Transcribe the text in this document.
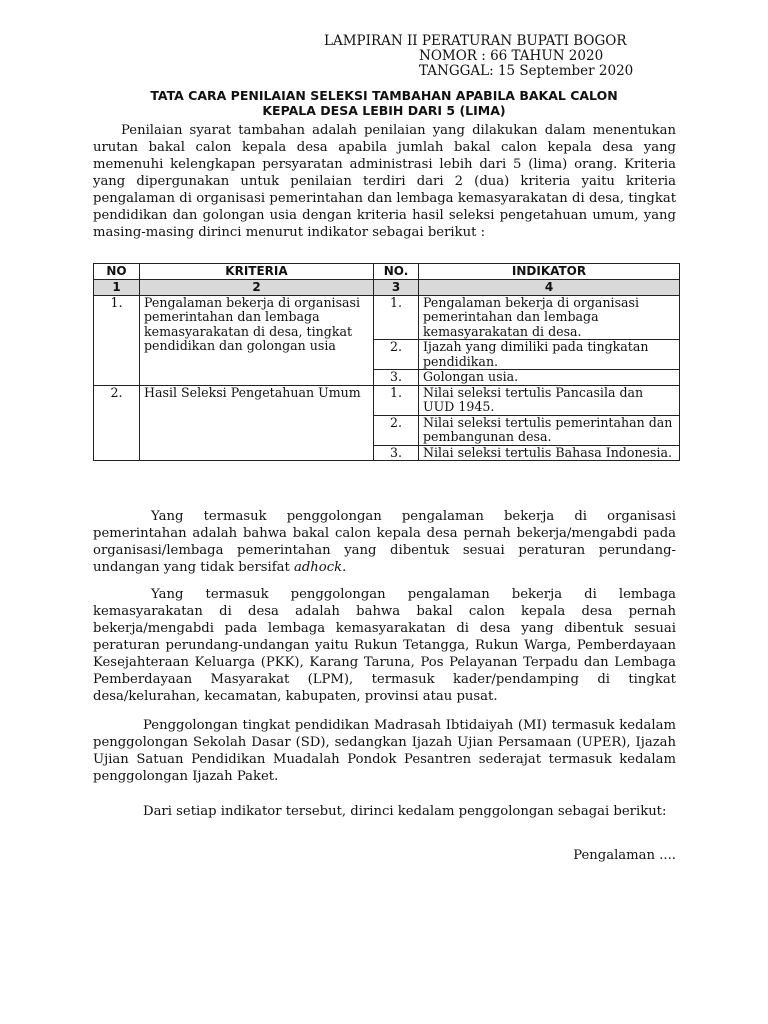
LAMPIRAN II PERATURAN BUPATI BOGOR
NOMOR : 66 TAHUN 2020
TANGGAL: 15 September 2020
TATA CARA PENILAIAN SELEKSI TAMBAHAN APABILA BAKAL CALON
KEPALA DESA LEBIH DARI 5 (LIMA)
Penilaian syarat tambahan adalah penilaian yang dilakukan dalam menentukan urutan bakal calon kepala desa apabila jumlah bakal calon kepala desa yang memenuhi kelengkapan persyaratan administrasi lebih dari 5 (lima) orang. Kriteria yang dipergunakan untuk penilaian terdiri dari 2 (dua) kriteria yaitu kriteria pengalaman di organisasi pemerintahan dan lembaga kemasyarakatan di desa, tingkat pendidikan dan golongan usia dengan kriteria hasil seleksi pengetahuan umum, yang masing-masing dirinci menurut indikator sebagai berikut :
NO	KRITERIA	NO.	INDIKATOR
1	2	3	4
1.	Pengalaman bekerja di organisasi pemerintahan dan lembaga kemasyarakatan di desa, tingkat pendidikan dan golongan usia	1.	Pengalaman bekerja di organisasi pemerintahan dan lembaga kemasyarakatan di desa.
		2.	Ijazah yang dimiliki pada tingkatan pendidikan.
		3.	Golongan usia.
2.	Hasil Seleksi Pengetahuan Umum	1.	Nilai seleksi tertulis Pancasila dan UUD 1945.
		2.	Nilai seleksi tertulis pemerintahan dan pembangunan desa.
		3.	Nilai seleksi tertulis Bahasa Indonesia.
Yang termasuk penggolongan pengalaman bekerja di organisasi pemerintahan adalah bahwa bakal calon kepala desa pernah bekerja/mengabdi pada organisasi/lembaga pemerintahan yang dibentuk sesuai peraturan perundang-undangan yang tidak bersifat adhock.
Yang termasuk penggolongan pengalaman bekerja di lembaga kemasyarakatan di desa adalah bahwa bakal calon kepala desa pernah bekerja/mengabdi pada lembaga kemasyarakatan di desa yang dibentuk sesuai peraturan perundang-undangan yaitu Rukun Tetangga, Rukun Warga, Pemberdayaan Kesejahteraan Keluarga (PKK), Karang Taruna, Pos Pelayanan Terpadu dan Lembaga Pemberdayaan Masyarakat (LPM), termasuk kader/pendamping di tingkat desa/kelurahan, kecamatan, kabupaten, provinsi atau pusat.
Penggolongan tingkat pendidikan Madrasah Ibtidaiyah (MI) termasuk kedalam penggolongan Sekolah Dasar (SD), sedangkan Ijazah Ujian Persamaan (UPER), Ijazah Ujian Satuan Pendidikan Muadalah Pondok Pesantren sederajat termasuk kedalam penggolongan Ijazah Paket.
Dari setiap indikator tersebut, dirinci kedalam penggolongan sebagai berikut:
Pengalaman ....
